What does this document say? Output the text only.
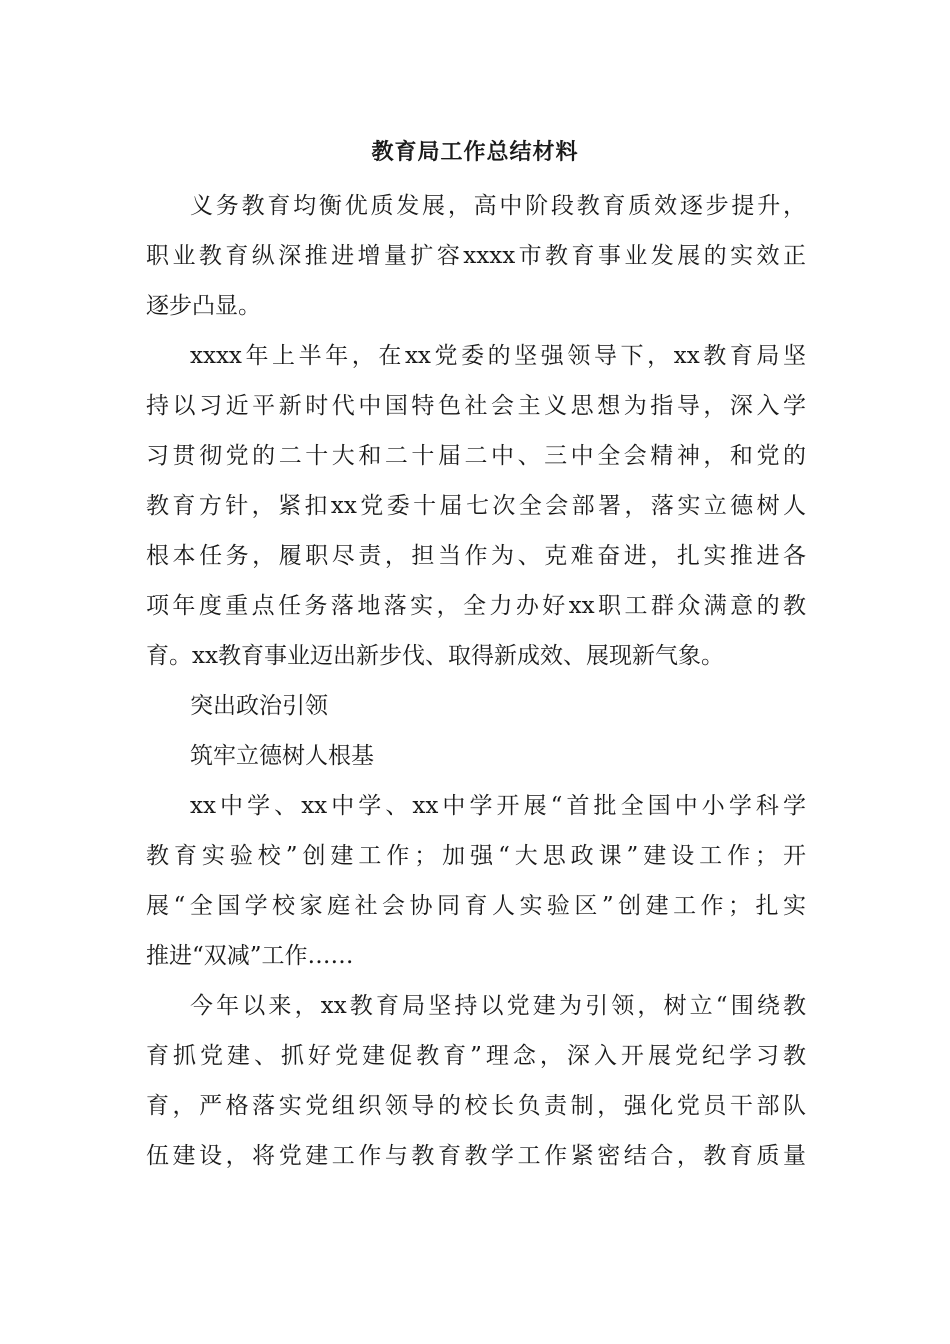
教育局工作总结材料
义务教育均衡优质发展，高中阶段教育质效逐步提升，
职业教育纵深推进增量扩容xxxx市教育事业发展的实效正
逐步凸显。
xxxx年上半年，在xx党委的坚强领导下，xx教育局坚
持以习近平新时代中国特色社会主义思想为指导，深入学
习贯彻党的二十大和二十届二中、三中全会精神，和党的
教育方针，紧扣xx党委十届七次全会部署，落实立德树人
根本任务，履职尽责，担当作为、克难奋进，扎实推进各
项年度重点任务落地落实，全力办好xx职工群众满意的教
育。xx教育事业迈出新步伐、取得新成效、展现新气象。
突出政治引领
筑牢立德树人根基
xx中学、xx中学、xx中学开展“首批全国中小学科学
教育实验校”创建工作；加强“大思政课”建设工作；开
展“全国学校家庭社会协同育人实验区”创建工作；扎实
推进“双减”工作……
今年以来，xx教育局坚持以党建为引领，树立“围绕教
育抓党建、抓好党建促教育”理念，深入开展党纪学习教
育，严格落实党组织领导的校长负责制，强化党员干部队
伍建设，将党建工作与教育教学工作紧密结合，教育质量
